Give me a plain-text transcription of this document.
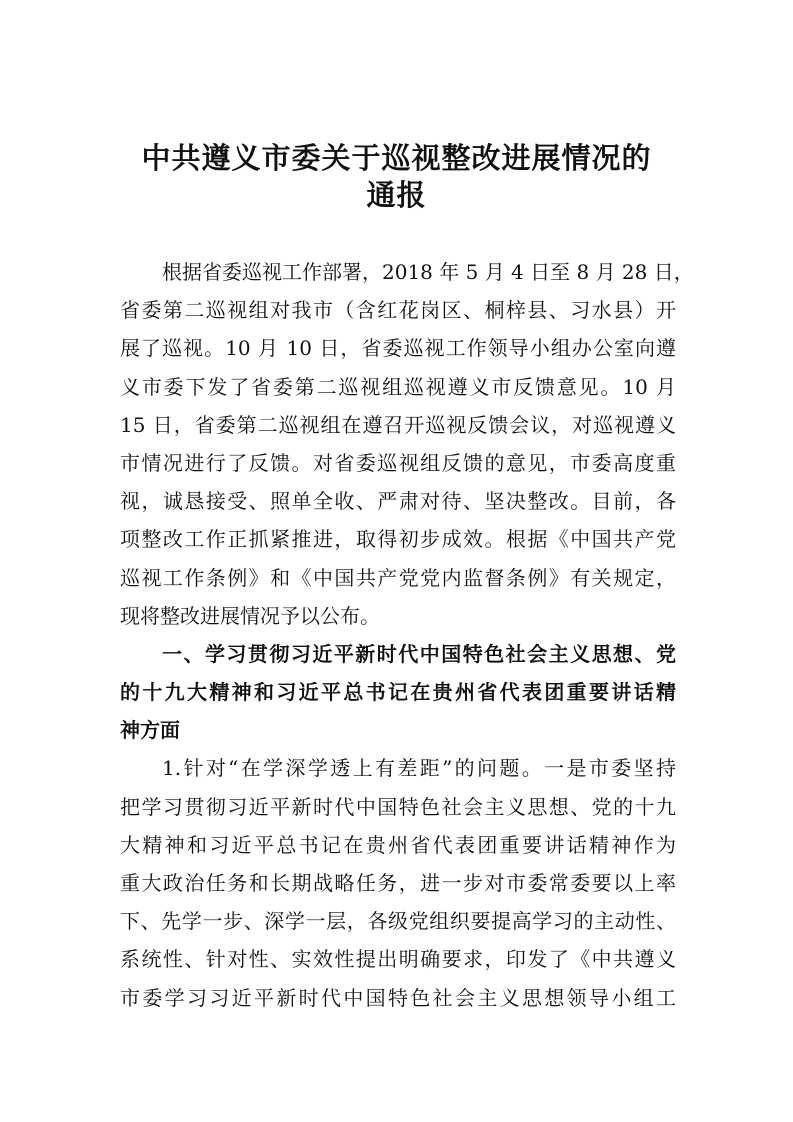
中共遵义市委关于巡视整改进展情况的
通报
根据省委巡视工作部署，2018 年 5 月 4 日至 8 月 28 日，
省委第二巡视组对我市（含红花岗区、桐梓县、习水县）开
展了巡视。10 月 10 日，省委巡视工作领导小组办公室向遵
义市委下发了省委第二巡视组巡视遵义市反馈意见。10 月
15 日，省委第二巡视组在遵召开巡视反馈会议，对巡视遵义
市情况进行了反馈。对省委巡视组反馈的意见，市委高度重
视，诚恳接受、照单全收、严肃对待、坚决整改。目前，各
项整改工作正抓紧推进，取得初步成效。根据《中国共产党
巡视工作条例》和《中国共产党党内监督条例》有关规定，
现将整改进展情况予以公布。
一、学习贯彻习近平新时代中国特色社会主义思想、党
的十九大精神和习近平总书记在贵州省代表团重要讲话精
神方面
1.针对“在学深学透上有差距”的问题。一是市委坚持
把学习贯彻习近平新时代中国特色社会主义思想、党的十九
大精神和习近平总书记在贵州省代表团重要讲话精神作为
重大政治任务和长期战略任务，进一步对市委常委要以上率
下、先学一步、深学一层，各级党组织要提高学习的主动性、
系统性、针对性、实效性提出明确要求，印发了《中共遵义
市委学习习近平新时代中国特色社会主义思想领导小组工
